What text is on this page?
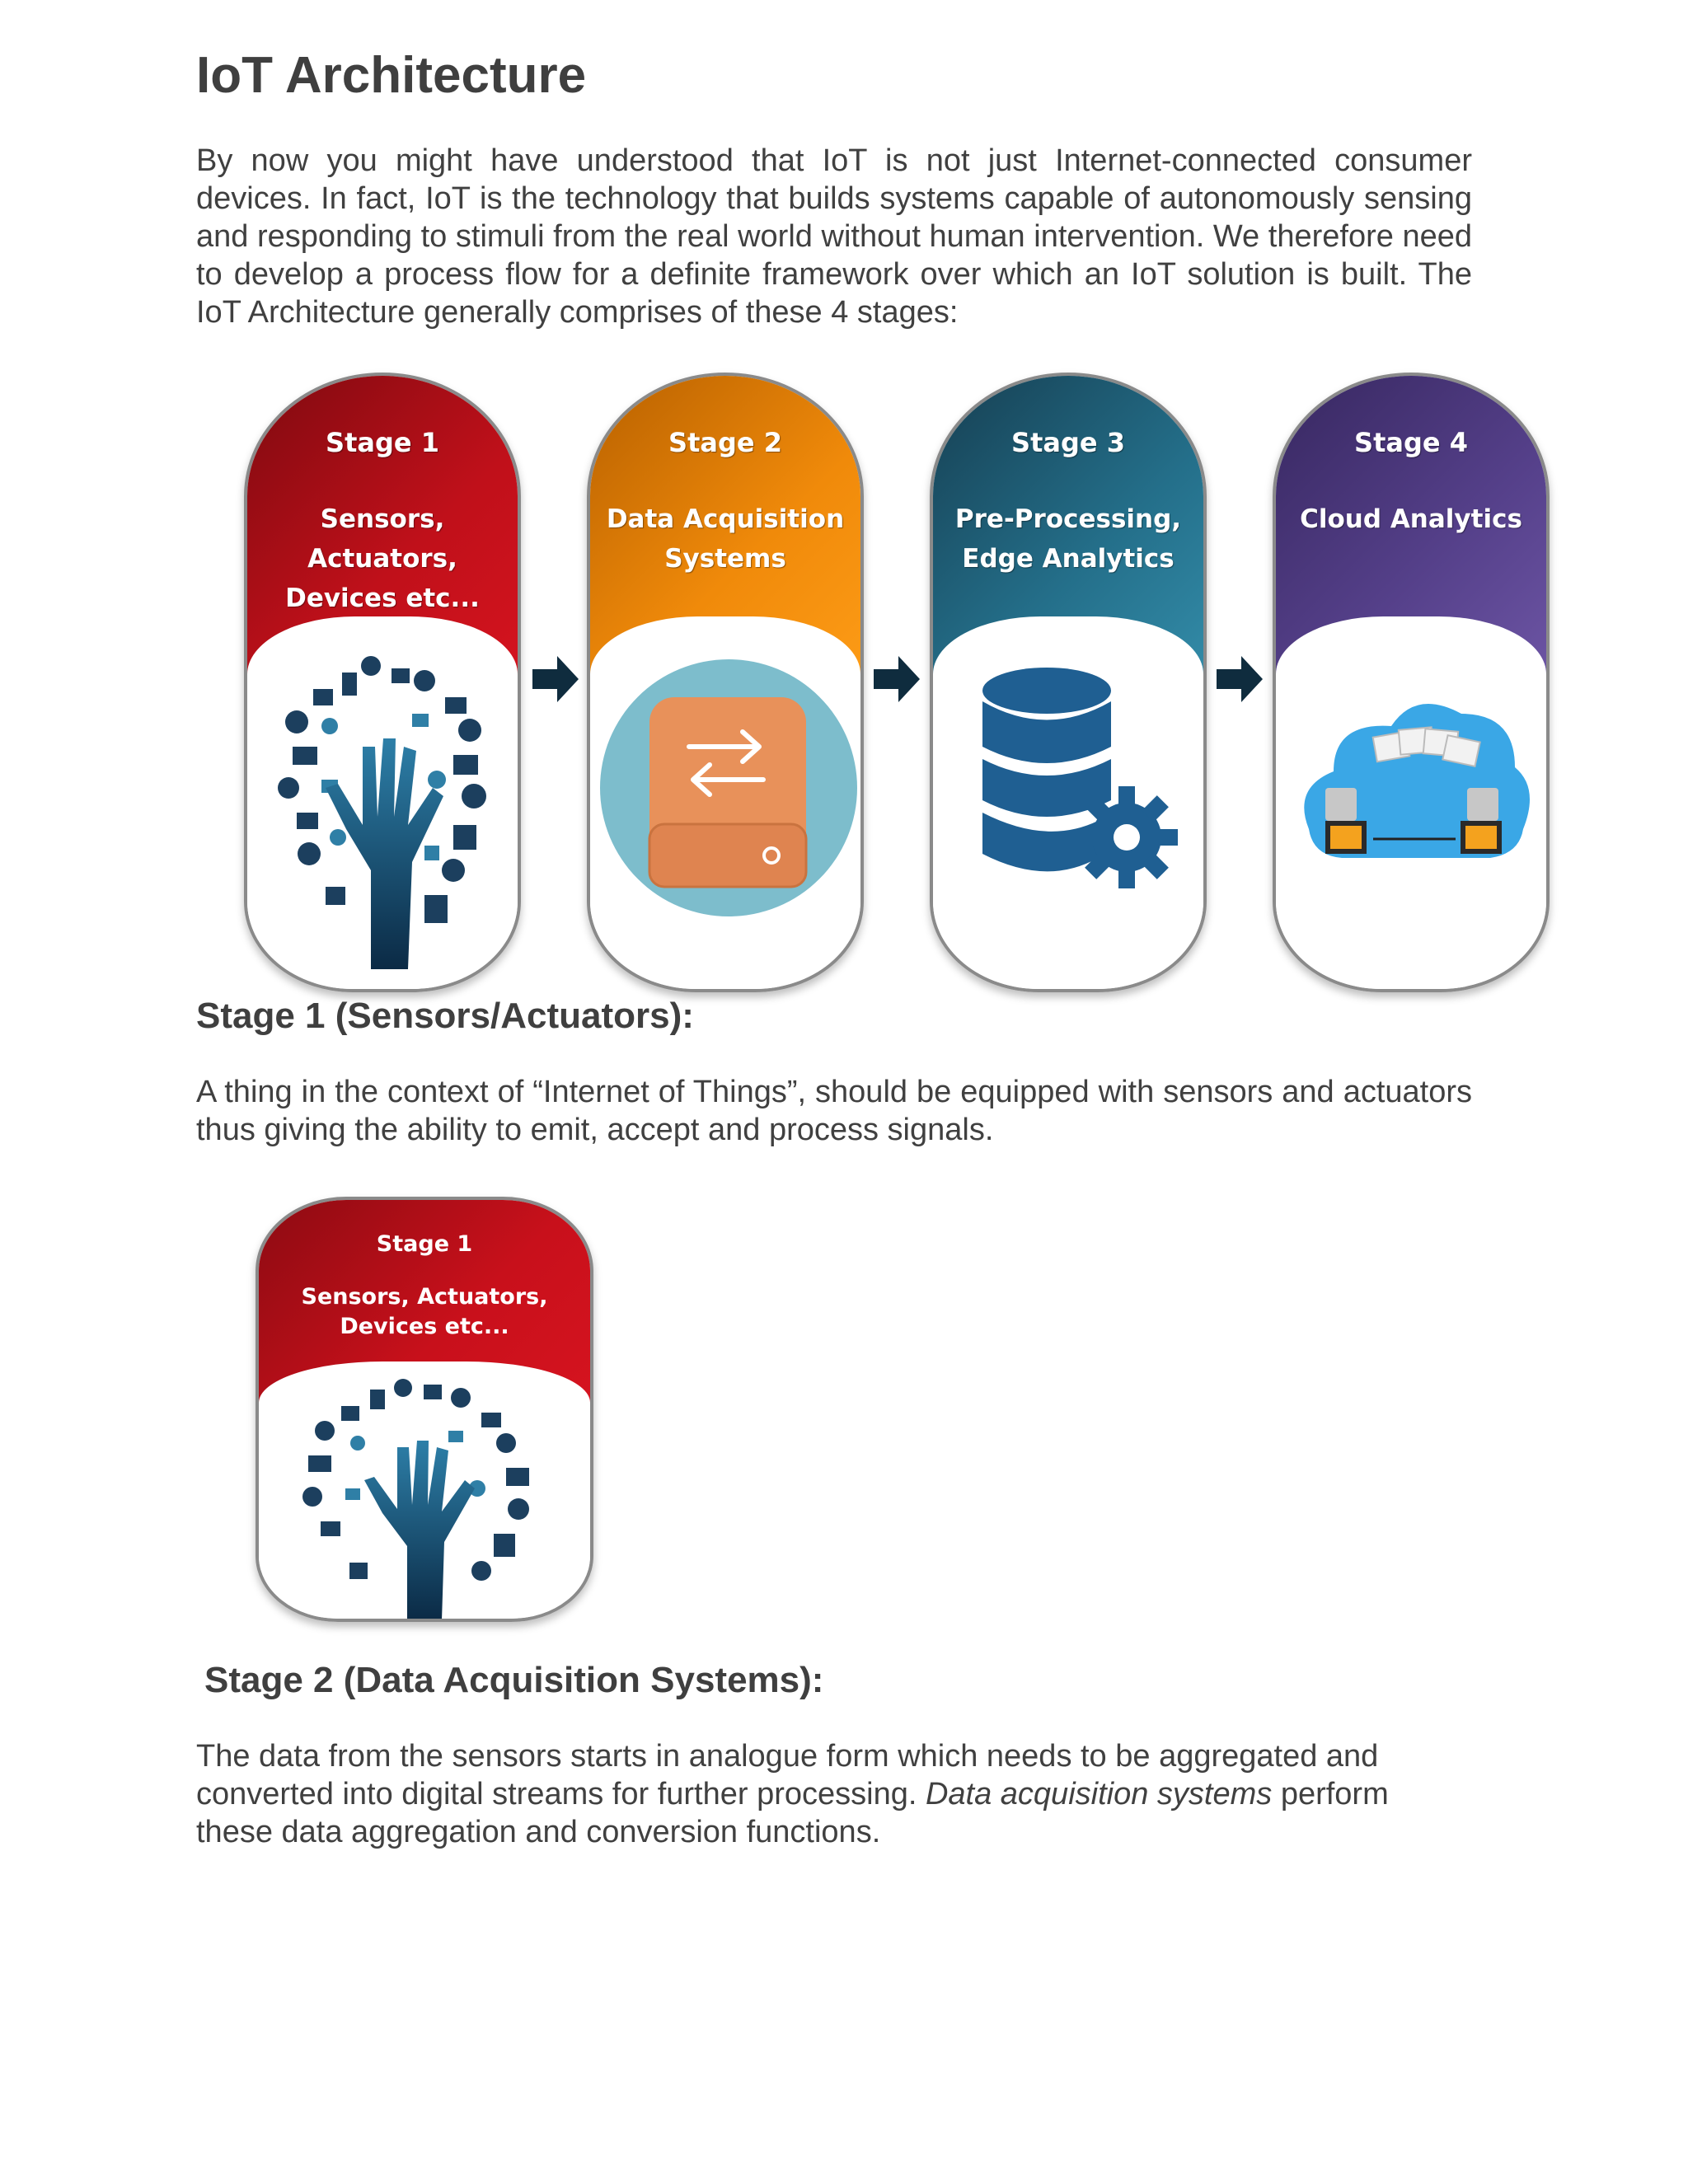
IoT Architecture

By now you might have understood that IoT is not just Internet-connected consumer devices. In fact, IoT is the technology that builds systems capable of autonomously sensing and responding to stimuli from the real world without human intervention. We therefore need to develop a process flow for a definite framework over which an IoT solution is built. The IoT Architecture generally comprises of these 4 stages:

Stage 1
Sensors, Actuators, Devices etc...
Stage 2
Data Acquisition Systems
Stage 3
Pre-Processing, Edge Analytics
Stage 4
Cloud Analytics
Stage 1 (Sensors/Actuators):

A thing in the context of “Internet of Things”, should be equipped with sensors and actuators thus giving the ability to emit, accept and process signals.

Stage 1
Sensors, Actuators, Devices etc...
Stage 2 (Data Acquisition Systems):

The data from the sensors starts in analogue form which needs to be aggregated and converted into digital streams for further processing. Data acquisition systems perform these data aggregation and conversion functions.
